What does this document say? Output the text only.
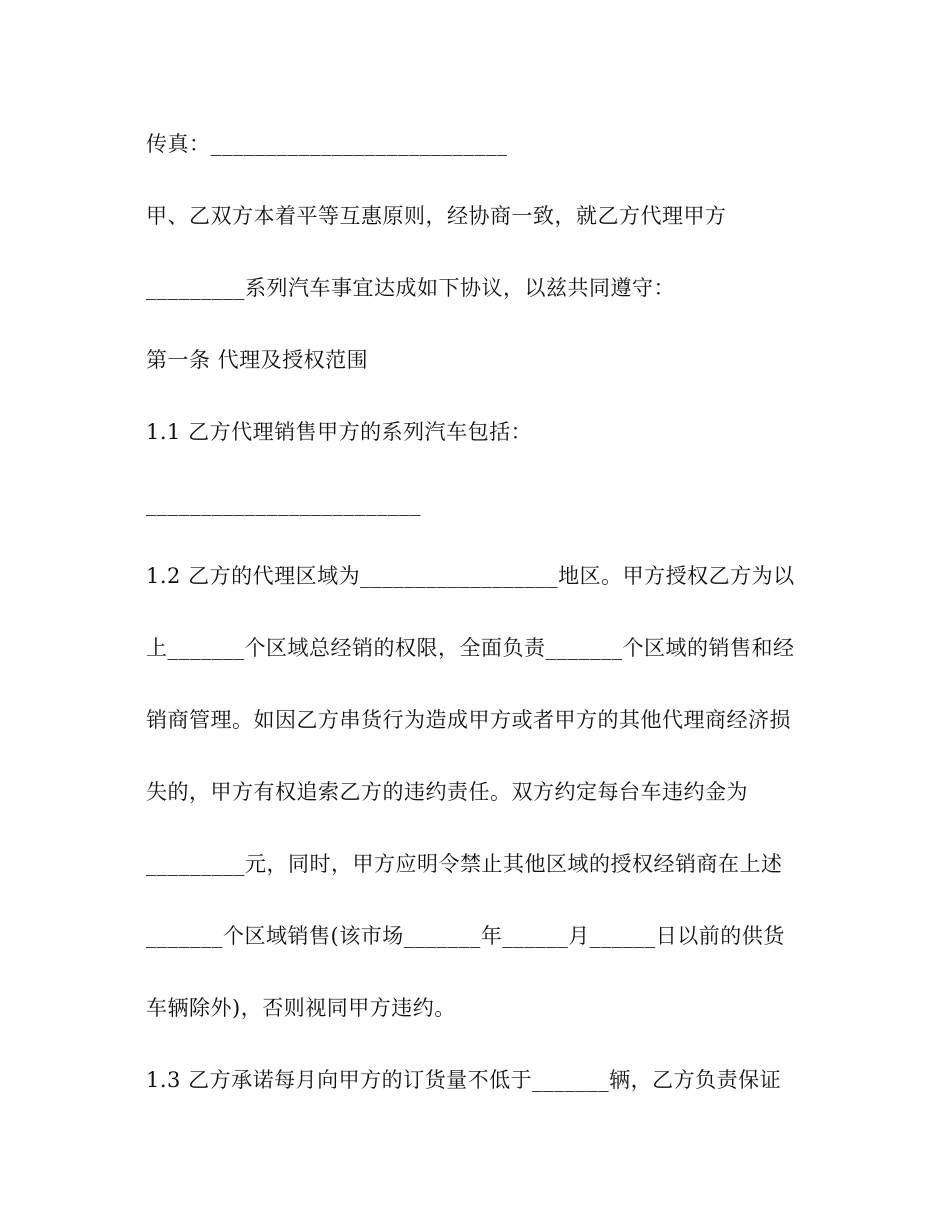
传真：___________________________
甲、乙双方本着平等互惠原则，经协商一致，就乙方代理甲方
_________系列汽车事宜达成如下协议，以兹共同遵守：
第一条 代理及授权范围
1.1 乙方代理销售甲方的系列汽车包括：
_________________________
1.2 乙方的代理区域为__________________地区。甲方授权乙方为以
上_______个区域总经销的权限，全面负责_______个区域的销售和经
销商管理。如因乙方串货行为造成甲方或者甲方的其他代理商经济损
失的，甲方有权追索乙方的违约责任。双方约定每台车违约金为
_________元，同时，甲方应明令禁止其他区域的授权经销商在上述
_______个区域销售(该市场_______年______月______日以前的供货
车辆除外)，否则视同甲方违约。
1.3 乙方承诺每月向甲方的订货量不低于_______辆，乙方负责保证
